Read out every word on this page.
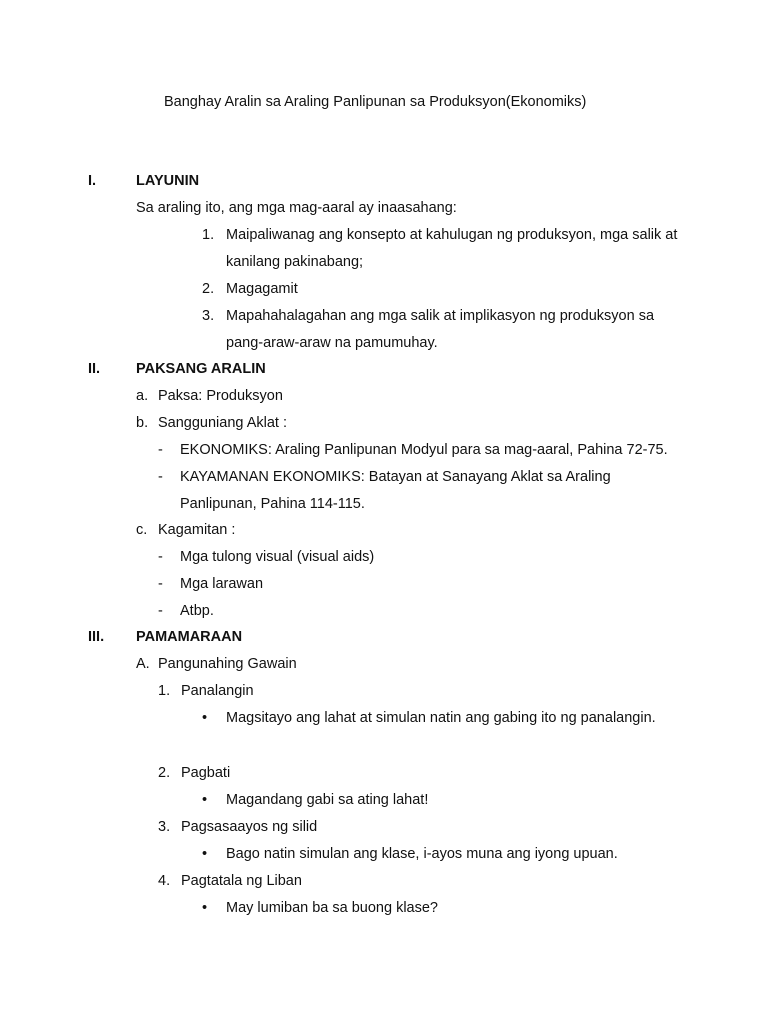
Banghay Aralin sa Araling Panlipunan sa Produksyon(Ekonomiks)
I.	LAYUNIN
Sa araling ito, ang mga mag-aaral ay inaasahang:
1. Maipaliwanag ang konsepto at kahulugan ng produksyon, mga salik at
kanilang pakinabang;
2. Magagamit
3. Mapahahalagahan ang mga salik at implikasyon ng produksyon sa
pang-araw-araw na pamumuhay.
II. PAKSANG ARALIN
a. Paksa: Produksyon
b. Sangguniang Aklat :
- EKONOMIKS: Araling Panlipunan Modyul para sa mag-aaral, Pahina 72-75.
- KAYAMANAN EKONOMIKS: Batayan at Sanayang Aklat sa Araling
Panlipunan, Pahina 114-115.
c. Kagamitan :
- Mga tulong visual (visual aids)
- Mga larawan
- Atbp.
III. PAMAMARAAN
A. Pangunahing Gawain
1. Panalangin
• Magsitayo ang lahat at simulan natin ang gabing ito ng panalangin.
2. Pagbati
• Magandang gabi sa ating lahat!
3. Pagsasaayos ng silid
• Bago natin simulan ang klase, i-ayos muna ang iyong upuan.
4. Pagtatala ng Liban
• May lumiban ba sa buong klase?
